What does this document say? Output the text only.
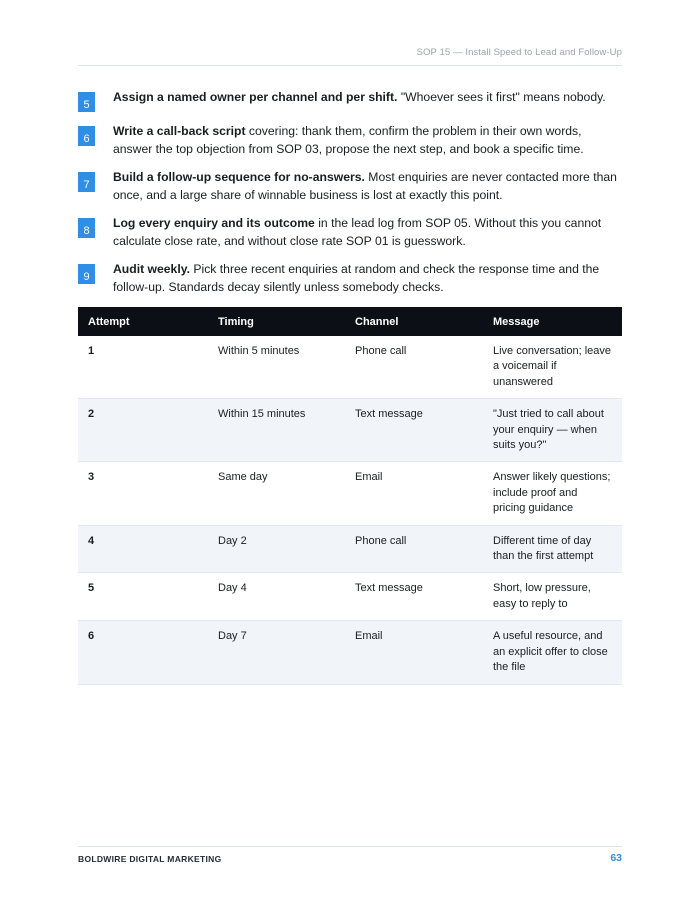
SOP 15 — Install Speed to Lead and Follow-Up
5
Assign a named owner per channel and per shift. "Whoever sees it first" means nobody.
6
Write a call-back script covering: thank them, confirm the problem in their own words, answer the top objection from SOP 03, propose the next step, and book a specific time.
7
Build a follow-up sequence for no-answers. Most enquiries are never contacted more than once, and a large share of winnable business is lost at exactly this point.
8
Log every enquiry and its outcome in the lead log from SOP 05. Without this you cannot calculate close rate, and without close rate SOP 01 is guesswork.
9
Audit weekly. Pick three recent enquiries at random and check the response time and the follow-up. Standards decay silently unless somebody checks.
Attempt	Timing	Channel	Message
1	Within 5 minutes	Phone call	Live conversation; leave a voicemail if unanswered
2	Within 15 minutes	Text message	"Just tried to call about your enquiry — when suits you?"
3	Same day	Email	Answer likely questions; include proof and pricing guidance
4	Day 2	Phone call	Different time of day than the first attempt
5	Day 4	Text message	Short, low pressure, easy to reply to
6	Day 7	Email	A useful resource, and an explicit offer to close the file
BOLDWIRE DIGITAL MARKETING	63
